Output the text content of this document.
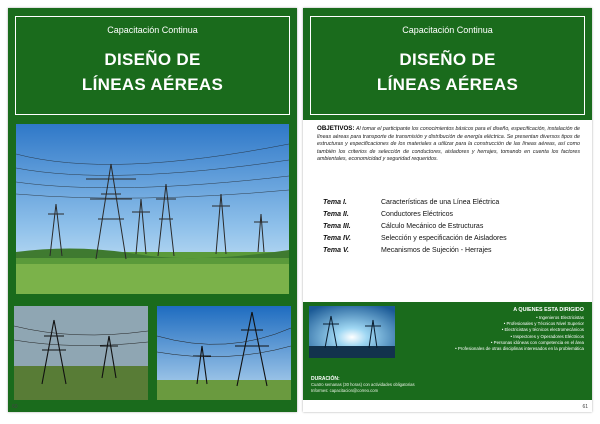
Capacitación Continua
DISEÑO DE
LÍNEAS AÉREAS
60
Capacitación Continua
DISEÑO DE
LÍNEAS AÉREAS
OBJETIVOS: Al tomar el participante los conocimientos básicos para el diseño, especificación, instalación de líneas aéreas para transporte de transmisión y distribución de energía eléctrica. Se presentan diversos tipos de estructuras y especificaciones de los materiales a utilizar para la construcción de las líneas aéreas, así como también los criterios de selección de conductores, aisladores y herrajes, tomando en cuenta los factores ambientales, economicidad y seguridad requeridos.
Tema I.	Características de una Línea Eléctrica
Tema II.	Conductores Eléctricos
Tema III.	Cálculo Mecánico de Estructuras
Tema IV.	Selección y especificación de Aisladores
Tema V.	Mecanismos de Sujeción - Herrajes
A QUIENES ESTA DIRIGIDO
• Ingenieros Electricistas
• Profesionales y Técnicos Nivel Superior
• Electricistas y técnicos electromecánicos
• Inspectores y Operadores Eléctricos
• Personas idóneas con competencia en el área
• Profesionales de otras disciplinas interesados en la problemática
DURACIÓN:
Cuatro semanas (30 horas) con actividades obligatorias
Informes: capacitacion@correo.com
61
